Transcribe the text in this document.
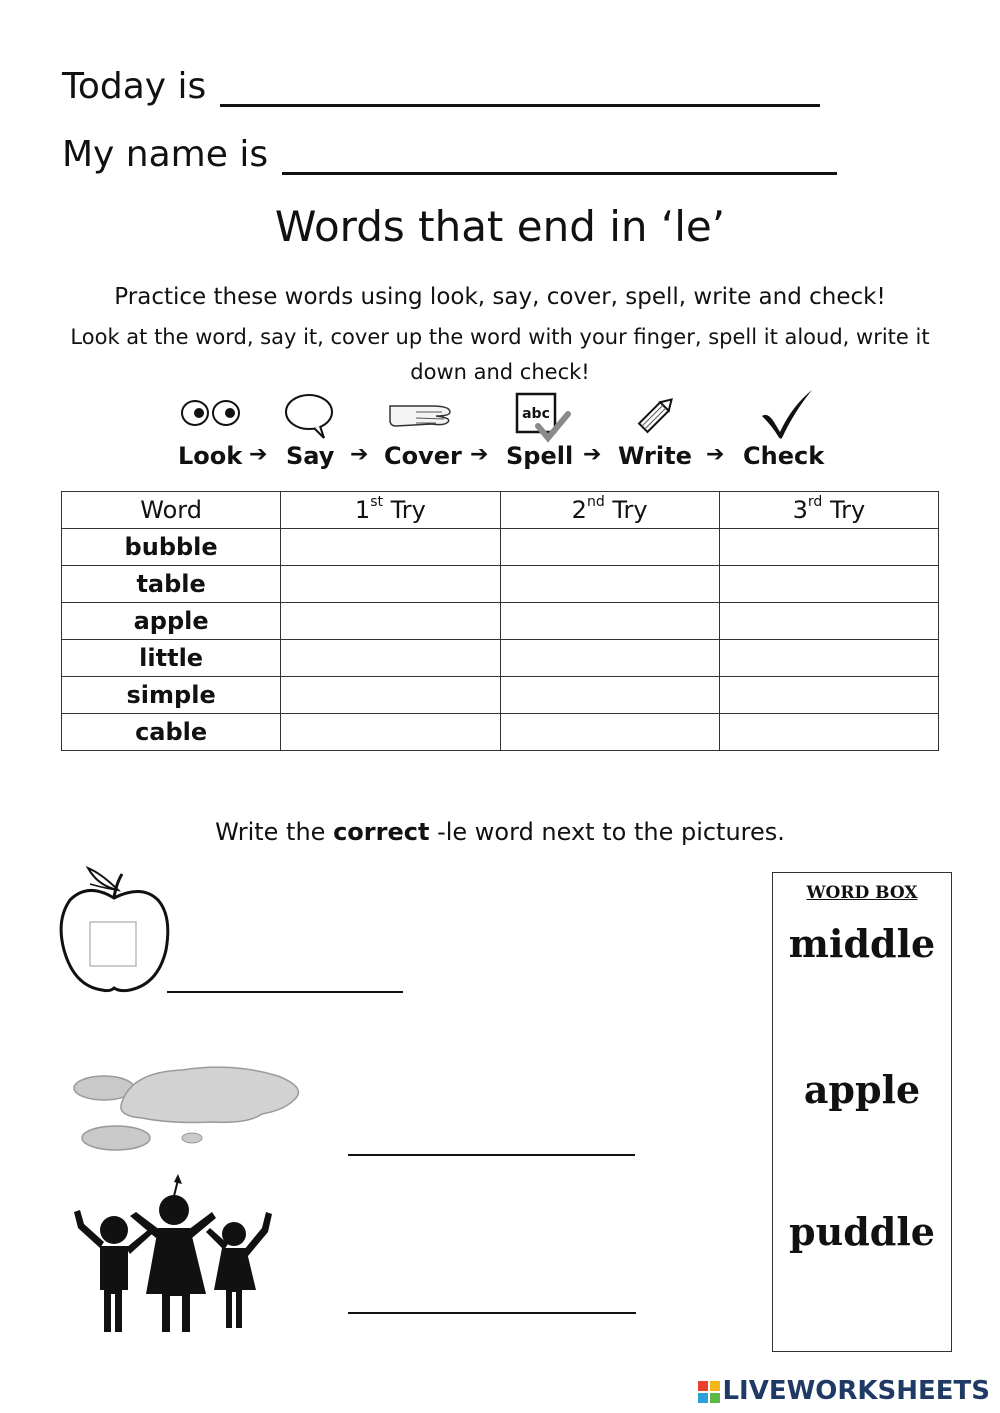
Today is
My name is
Words that end in ‘le’
Practice these words using look, say, cover, spell, write and check!
Look at the word, say it, cover up the word with your finger, spell it aloud, write it down and check!
abc
Look ➔ Say ➔ Cover ➔ Spell ➔ Write ➔ Check
Word	1st Try	2nd Try	3rd Try
bubble			
table			
apple			
little			
simple			
cable			
Write the correct -le word next to the pictures.
WORD BOX
middle
apple
puddle
LIVEWORKSHEETS
